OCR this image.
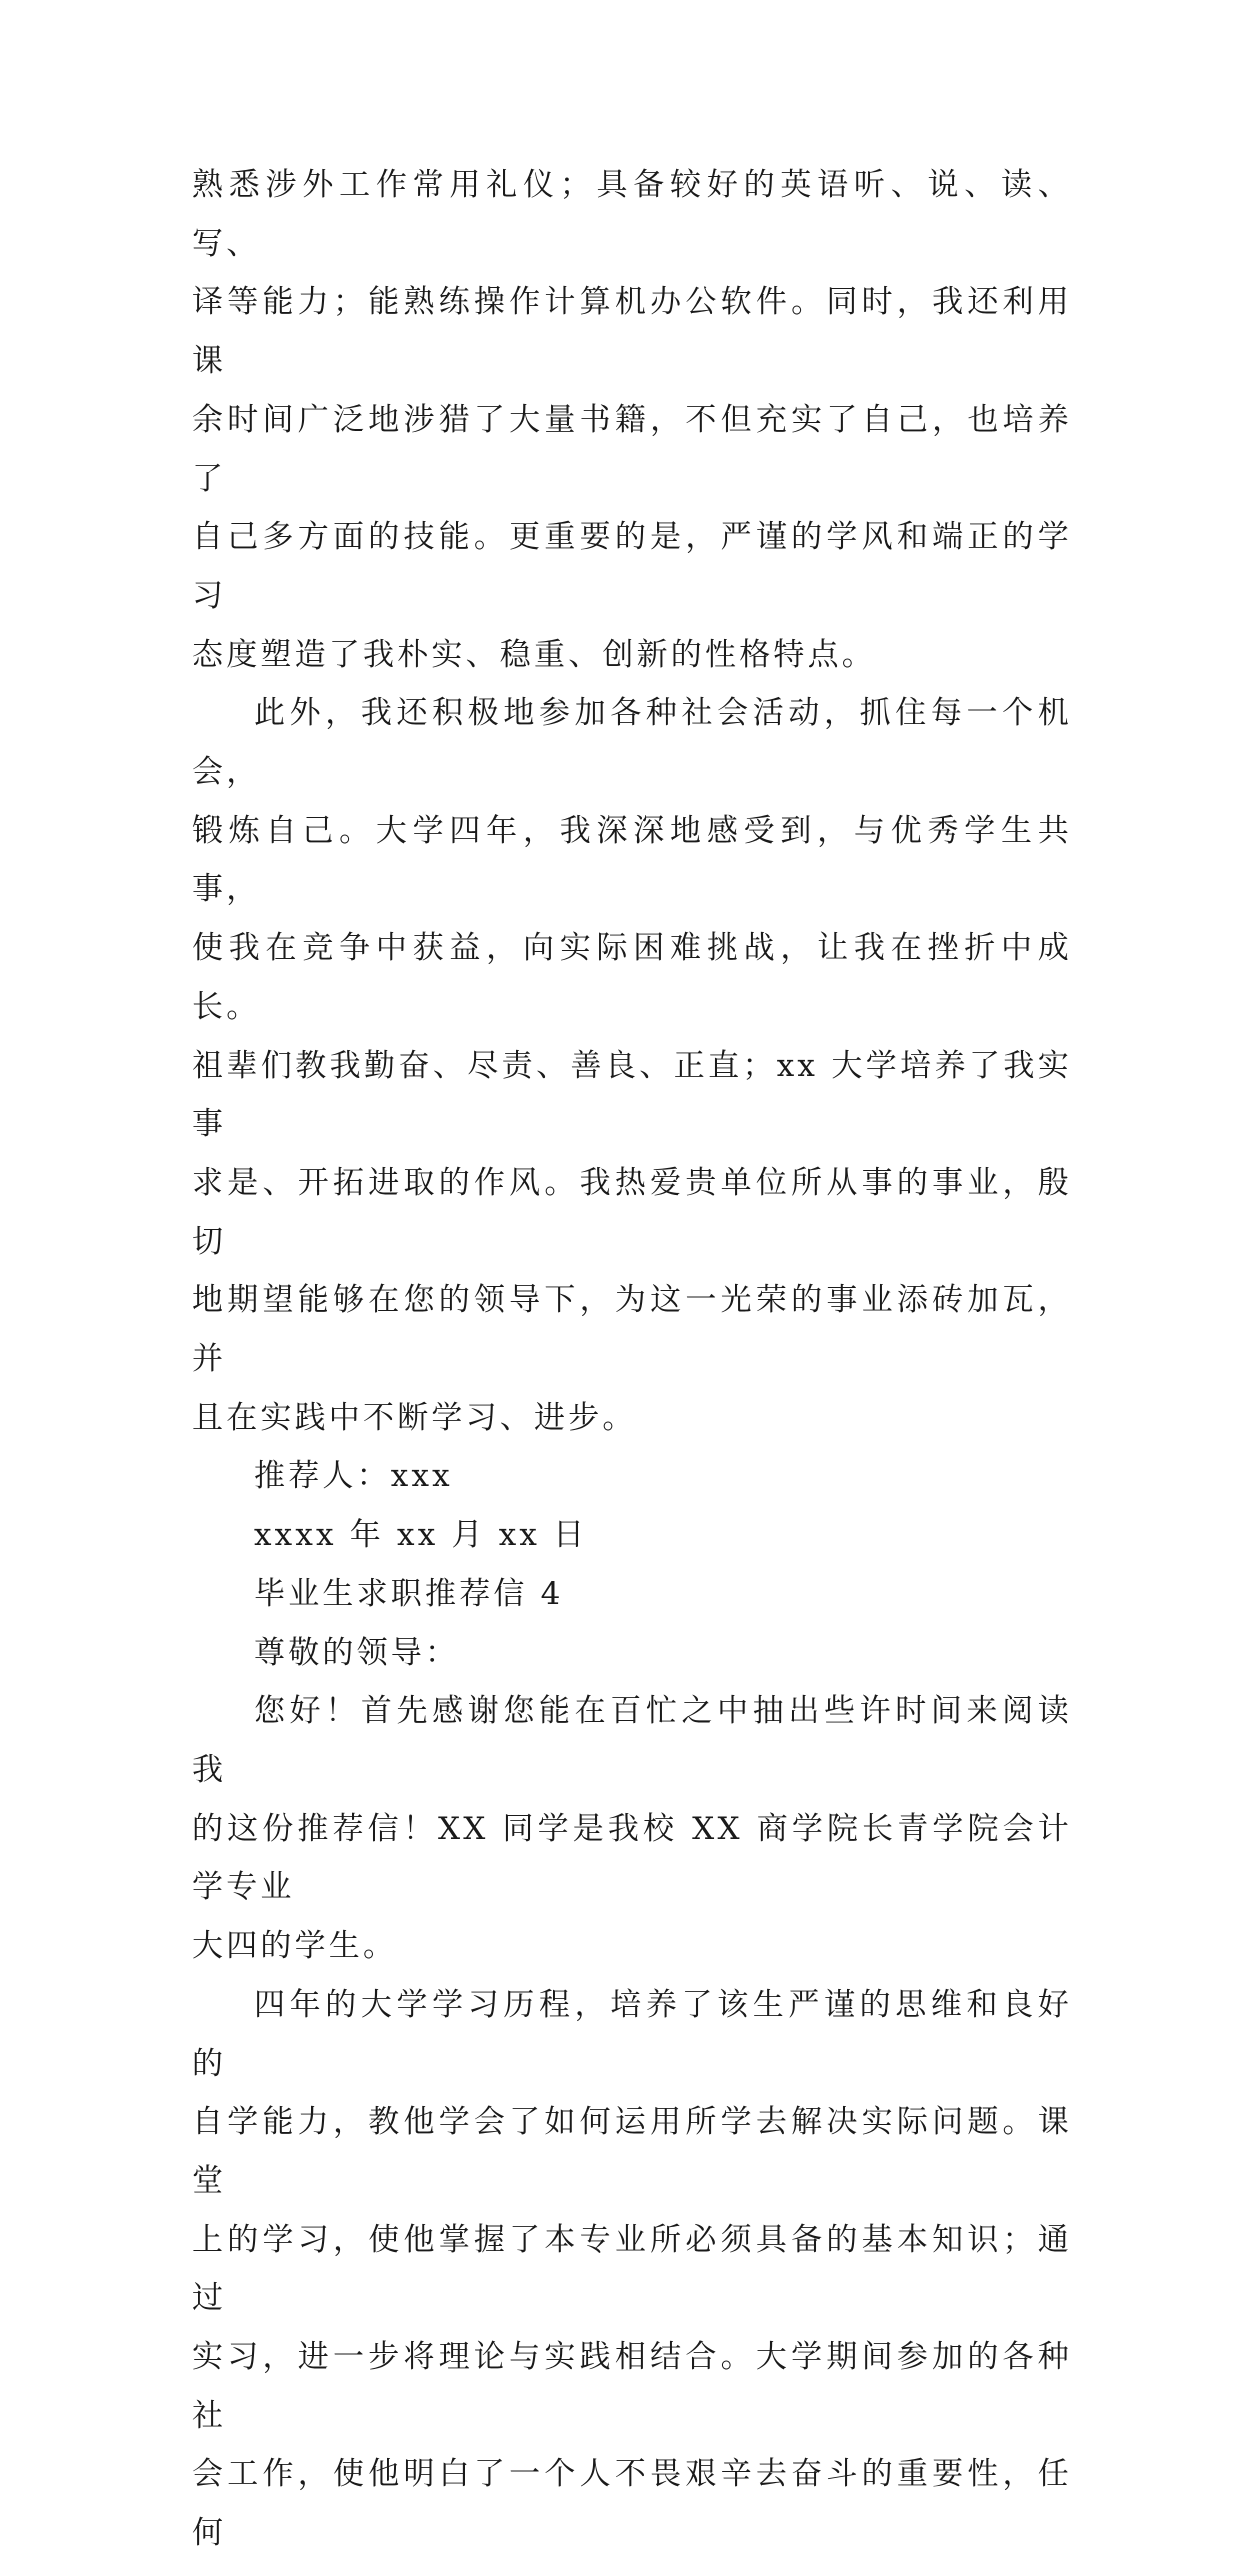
熟悉涉外工作常用礼仪；具备较好的英语听、说、读、写、
译等能力；能熟练操作计算机办公软件。同时，我还利用课
余时间广泛地涉猎了大量书籍，不但充实了自己，也培养了
自己多方面的技能。更重要的是，严谨的学风和端正的学习
态度塑造了我朴实、稳重、创新的性格特点。

此外，我还积极地参加各种社会活动，抓住每一个机会，
锻炼自己。大学四年，我深深地感受到，与优秀学生共事，
使我在竞争中获益，向实际困难挑战，让我在挫折中成长。
祖辈们教我勤奋、尽责、善良、正直；xx 大学培养了我实事
求是、开拓进取的作风。我热爱贵单位所从事的事业，殷切
地期望能够在您的领导下，为这一光荣的事业添砖加瓦，并
且在实践中不断学习、进步。

推荐人：xxx

xxxx 年 xx 月 xx 日

毕业生求职推荐信 4

尊敬的领导：

您好！首先感谢您能在百忙之中抽出些许时间来阅读我
的这份推荐信！XX 同学是我校 XX 商学院长青学院会计学专业
大四的学生。

四年的大学学习历程，培养了该生严谨的思维和良好的
自学能力，教他学会了如何运用所学去解决实际问题。课堂
上的学习，使他掌握了本专业所必须具备的基本知识；通过
实习，进一步将理论与实践相结合。大学期间参加的各种社
会工作，使他明白了一个人不畏艰辛去奋斗的重要性，任何
